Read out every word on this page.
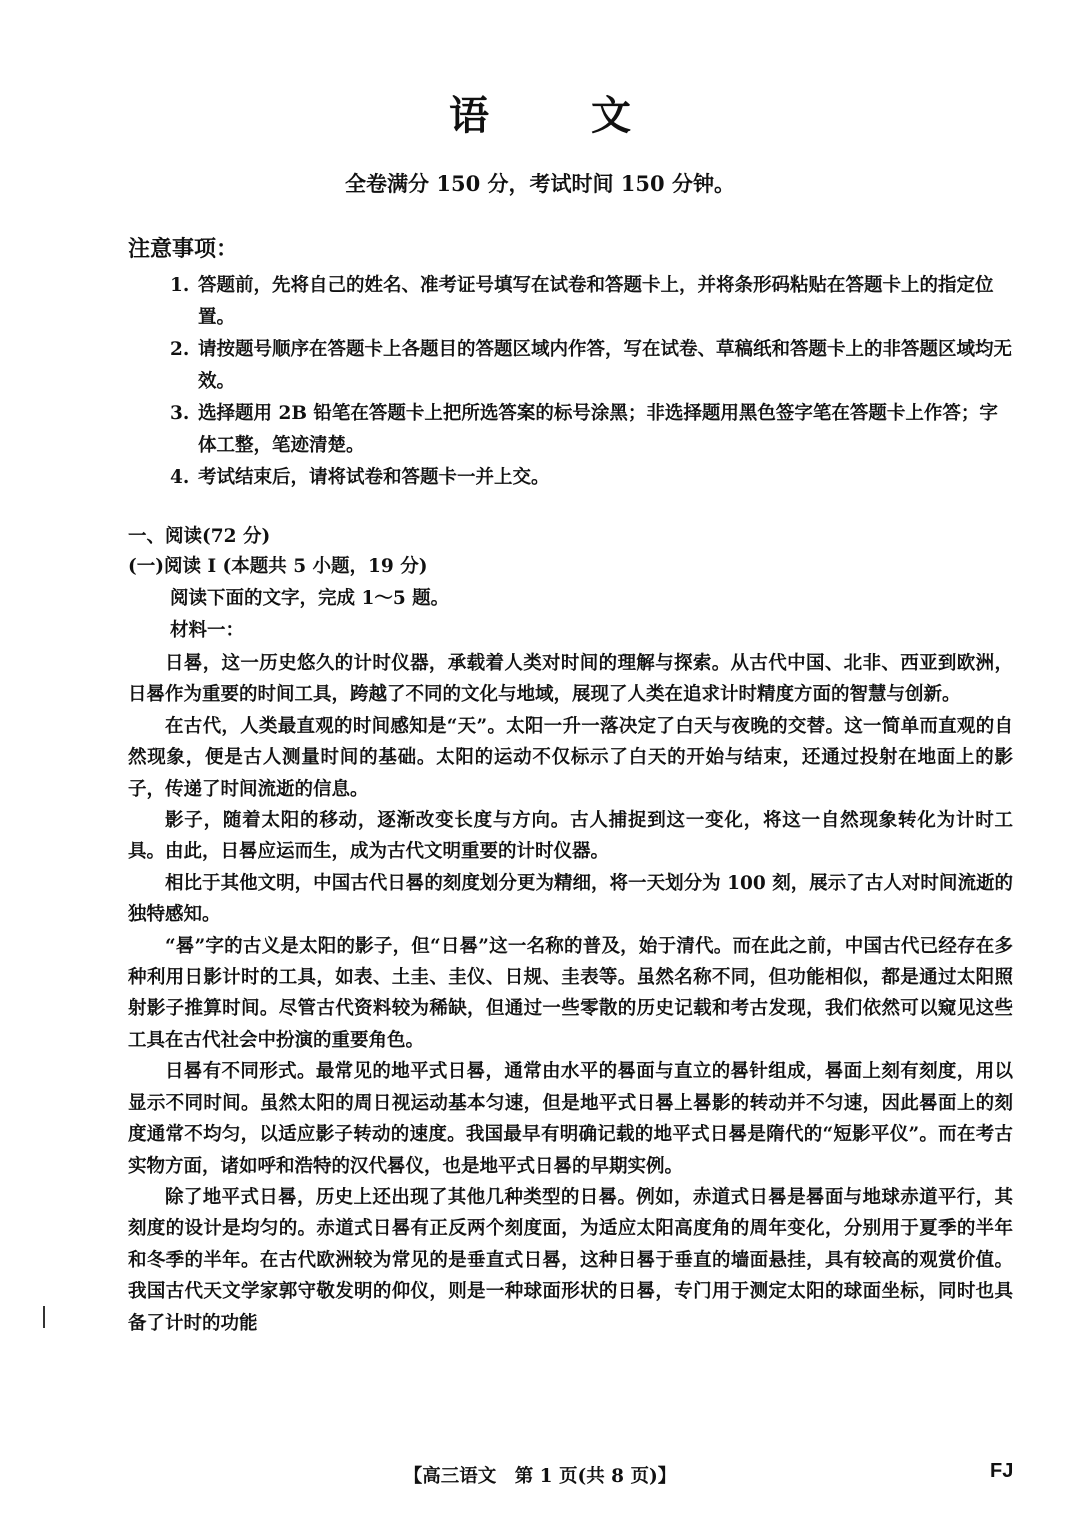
语 文
全卷满分 150 分，考试时间 150 分钟。
注意事项：
1. 答题前，先将自己的姓名、准考证号填写在试卷和答题卡上，并将条形码粘贴在答题卡上的指定位置。
2. 请按题号顺序在答题卡上各题目的答题区域内作答，写在试卷、草稿纸和答题卡上的非答题区域均无效。
3. 选择题用 2B 铅笔在答题卡上把所选答案的标号涂黑；非选择题用黑色签字笔在答题卡上作答；字体工整，笔迹清楚。
4. 考试结束后，请将试卷和答题卡一并上交。
一、阅读(72 分)
(一)阅读 I (本题共 5 小题，19 分)
阅读下面的文字，完成 1～5 题。
材料一：

日晷，这一历史悠久的计时仪器，承载着人类对时间的理解与探索。从古代中国、北非、西亚到欧洲，日晷作为重要的时间工具，跨越了不同的文化与地域，展现了人类在追求计时精度方面的智慧与创新。

在古代，人类最直观的时间感知是“天”。太阳一升一落决定了白天与夜晚的交替。这一简单而直观的自然现象，便是古人测量时间的基础。太阳的运动不仅标示了白天的开始与结束，还通过投射在地面上的影子，传递了时间流逝的信息。

影子，随着太阳的移动，逐渐改变长度与方向。古人捕捉到这一变化，将这一自然现象转化为计时工具。由此，日晷应运而生，成为古代文明重要的计时仪器。

相比于其他文明，中国古代日晷的刻度划分更为精细，将一天划分为 100 刻，展示了古人对时间流逝的独特感知。

“晷”字的古义是太阳的影子，但“日晷”这一名称的普及，始于清代。而在此之前，中国古代已经存在多种利用日影计时的工具，如表、土圭、圭仪、日规、圭表等。虽然名称不同，但功能相似，都是通过太阳照射影子推算时间。尽管古代资料较为稀缺，但通过一些零散的历史记载和考古发现，我们依然可以窥见这些工具在古代社会中扮演的重要角色。

日晷有不同形式。最常见的地平式日晷，通常由水平的晷面与直立的晷针组成，晷面上刻有刻度，用以显示不同时间。虽然太阳的周日视运动基本匀速，但是地平式日晷上晷影的转动并不匀速，因此晷面上的刻度通常不均匀，以适应影子转动的速度。我国最早有明确记载的地平式日晷是隋代的“短影平仪”。而在考古实物方面，诸如呼和浩特的汉代晷仪，也是地平式日晷的早期实例。

除了地平式日晷，历史上还出现了其他几种类型的日晷。例如，赤道式日晷是晷面与地球赤道平行，其刻度的设计是均匀的。赤道式日晷有正反两个刻度面，为适应太阳高度角的周年变化，分别用于夏季的半年和冬季的半年。在古代欧洲较为常见的是垂直式日晷，这种日晷于垂直的墙面悬挂，具有较高的观赏价值。我国古代天文学家郭守敬发明的仰仪，则是一种球面形状的日晷，专门用于测定太阳的球面坐标，同时也具备了计时的功能

【高三语文　第 1 页(共 8 页)】	FJ
